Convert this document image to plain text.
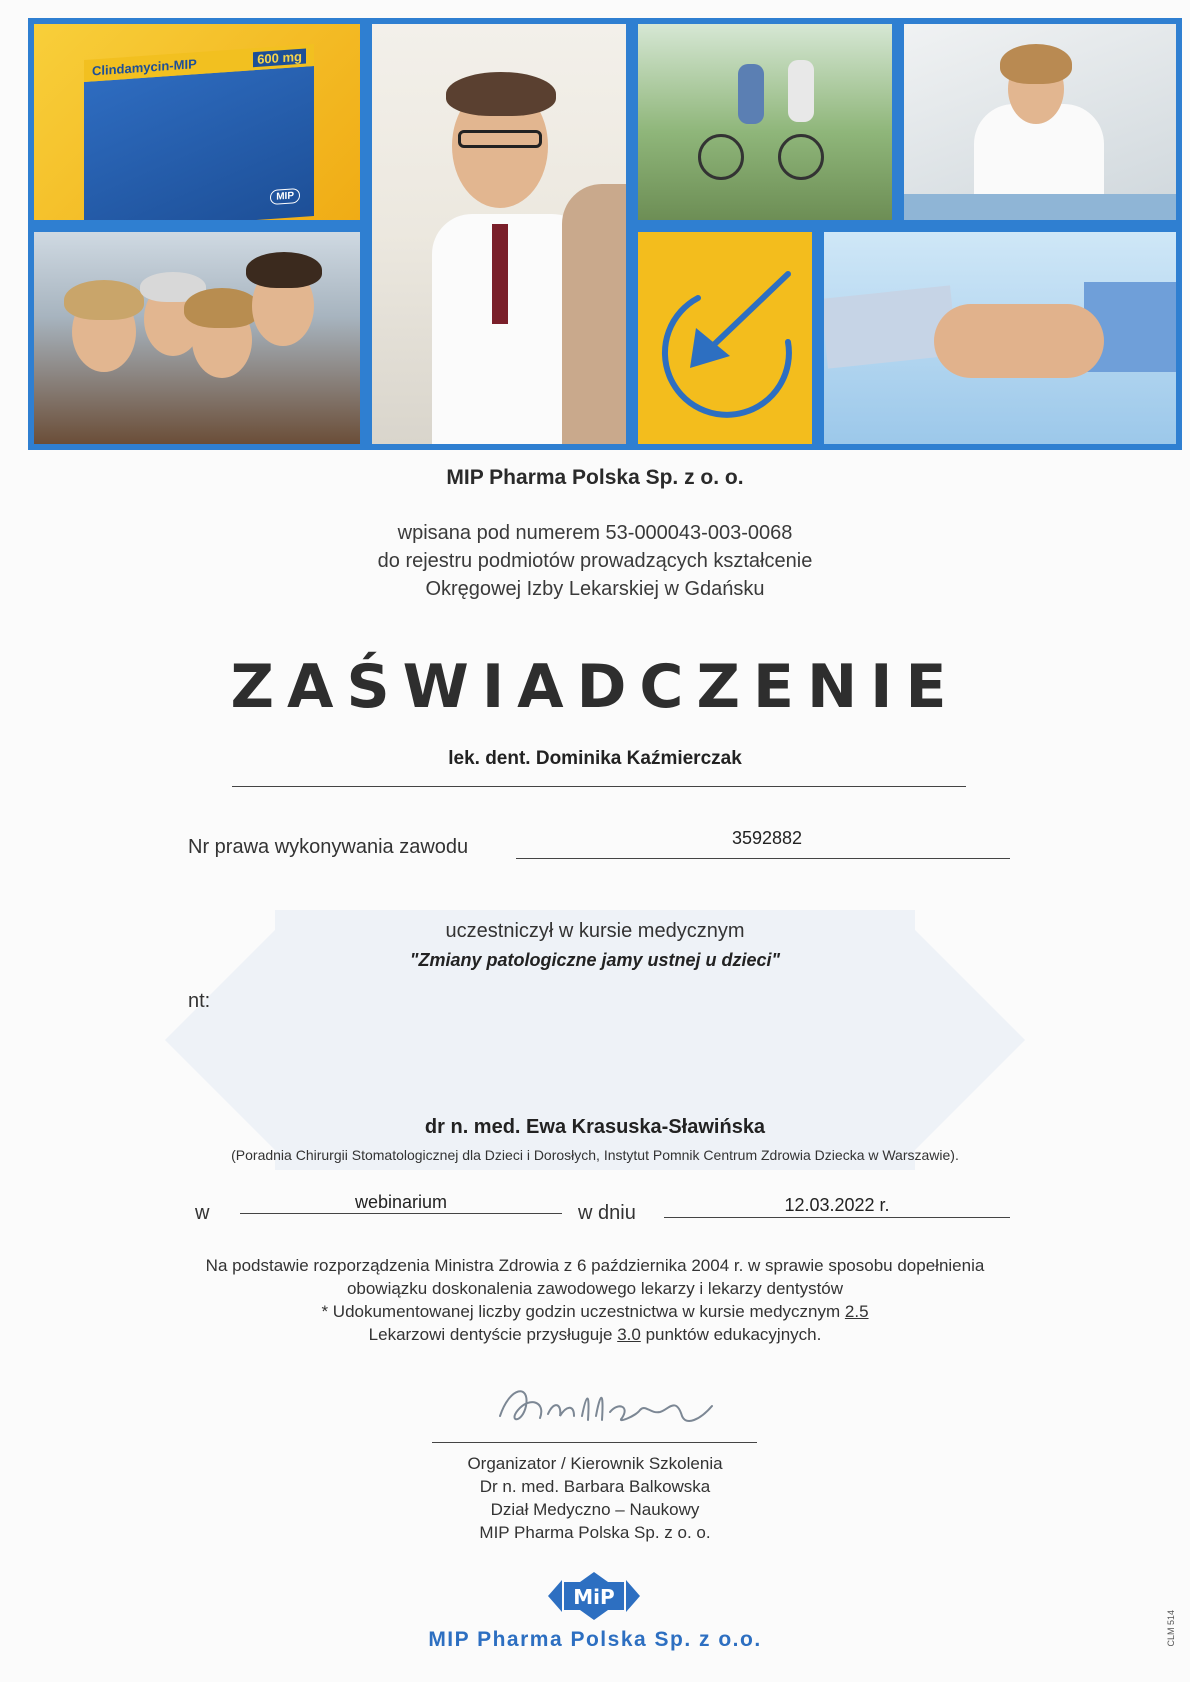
Clindamycin-MIP	600 mg
MIP
MIP Pharma Polska Sp. z o. o.
wpisana pod numerem 53-000043-003-0068
do rejestru podmiotów prowadzących kształcenie
Okręgowej Izby Lekarskiej w Gdańsku
ZAŚWIADCZENIE
lek. dent. Dominika Kaźmierczak
Nr prawa wykonywania zawodu	3592882
uczestniczył w kursie medycznym
"Zmiany patologiczne jamy ustnej u dzieci"
nt:
dr n. med. Ewa Krasuska-Sławińska
(Poradnia Chirurgii Stomatologicznej dla Dzieci i Dorosłych, Instytut Pomnik Centrum Zdrowia Dziecka w Warszawie).
w	webinarium	w dniu	12.03.2022 r.
Na podstawie rozporządzenia Ministra Zdrowia z 6 października 2004 r. w sprawie sposobu dopełnienia
obowiązku doskonalenia zawodowego lekarzy i lekarzy dentystów
* Udokumentowanej liczby godzin uczestnictwa w kursie medycznym 2.5
Lekarzowi dentyście przysługuje 3.0 punktów edukacyjnych.
Organizator / Kierownik Szkolenia
Dr n. med. Barbara Balkowska
Dział Medyczno – Naukowy
MIP Pharma Polska Sp. z o. o.
MiP
MIP Pharma Polska Sp. z o.o.	CLM 514
